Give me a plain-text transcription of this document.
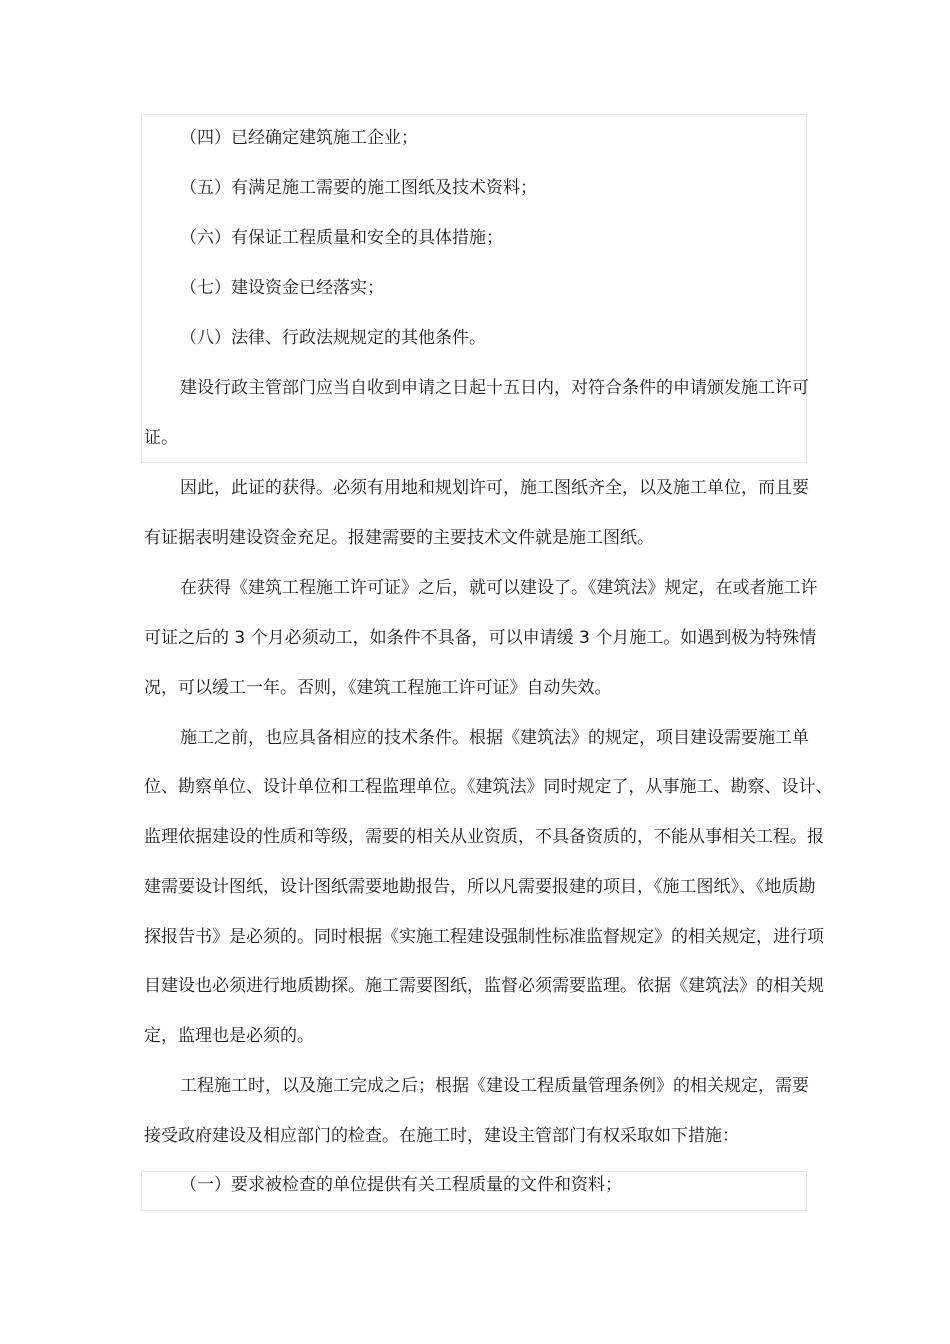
（四）已经确定建筑施工企业；
（五）有满足施工需要的施工图纸及技术资料；
（六）有保证工程质量和安全的具体措施；
（七）建设资金已经落实；
（八）法律、行政法规规定的其他条件。
建设行政主管部门应当自收到申请之日起十五日内，对符合条件的申请颁发施工许可
证。
因此，此证的获得。必须有用地和规划许可，施工图纸齐全，以及施工单位，而且要
有证据表明建设资金充足。报建需要的主要技术文件就是施工图纸。
在获得《建筑工程施工许可证》之后，就可以建设了。《建筑法》规定，在或者施工许
可证之后的 3 个月必须动工，如条件不具备，可以申请缓 3 个月施工。如遇到极为特殊情
况，可以缓工一年。否则，《建筑工程施工许可证》自动失效。
施工之前，也应具备相应的技术条件。根据《建筑法》的规定，项目建设需要施工单
位、勘察单位、设计单位和工程监理单位。《建筑法》同时规定了，从事施工、勘察、设计、
监理依据建设的性质和等级，需要的相关从业资质，不具备资质的，不能从事相关工程。报
建需要设计图纸，设计图纸需要地勘报告，所以凡需要报建的项目，《施工图纸》、《地质勘
探报告书》是必须的。同时根据《实施工程建设强制性标准监督规定》的相关规定，进行项
目建设也必须进行地质勘探。施工需要图纸，监督必须需要监理。依据《建筑法》的相关规
定，监理也是必须的。
工程施工时，以及施工完成之后；根据《建设工程质量管理条例》的相关规定，需要
接受政府建设及相应部门的检查。在施工时，建设主管部门有权采取如下措施：
（一）要求被检查的单位提供有关工程质量的文件和资料；
